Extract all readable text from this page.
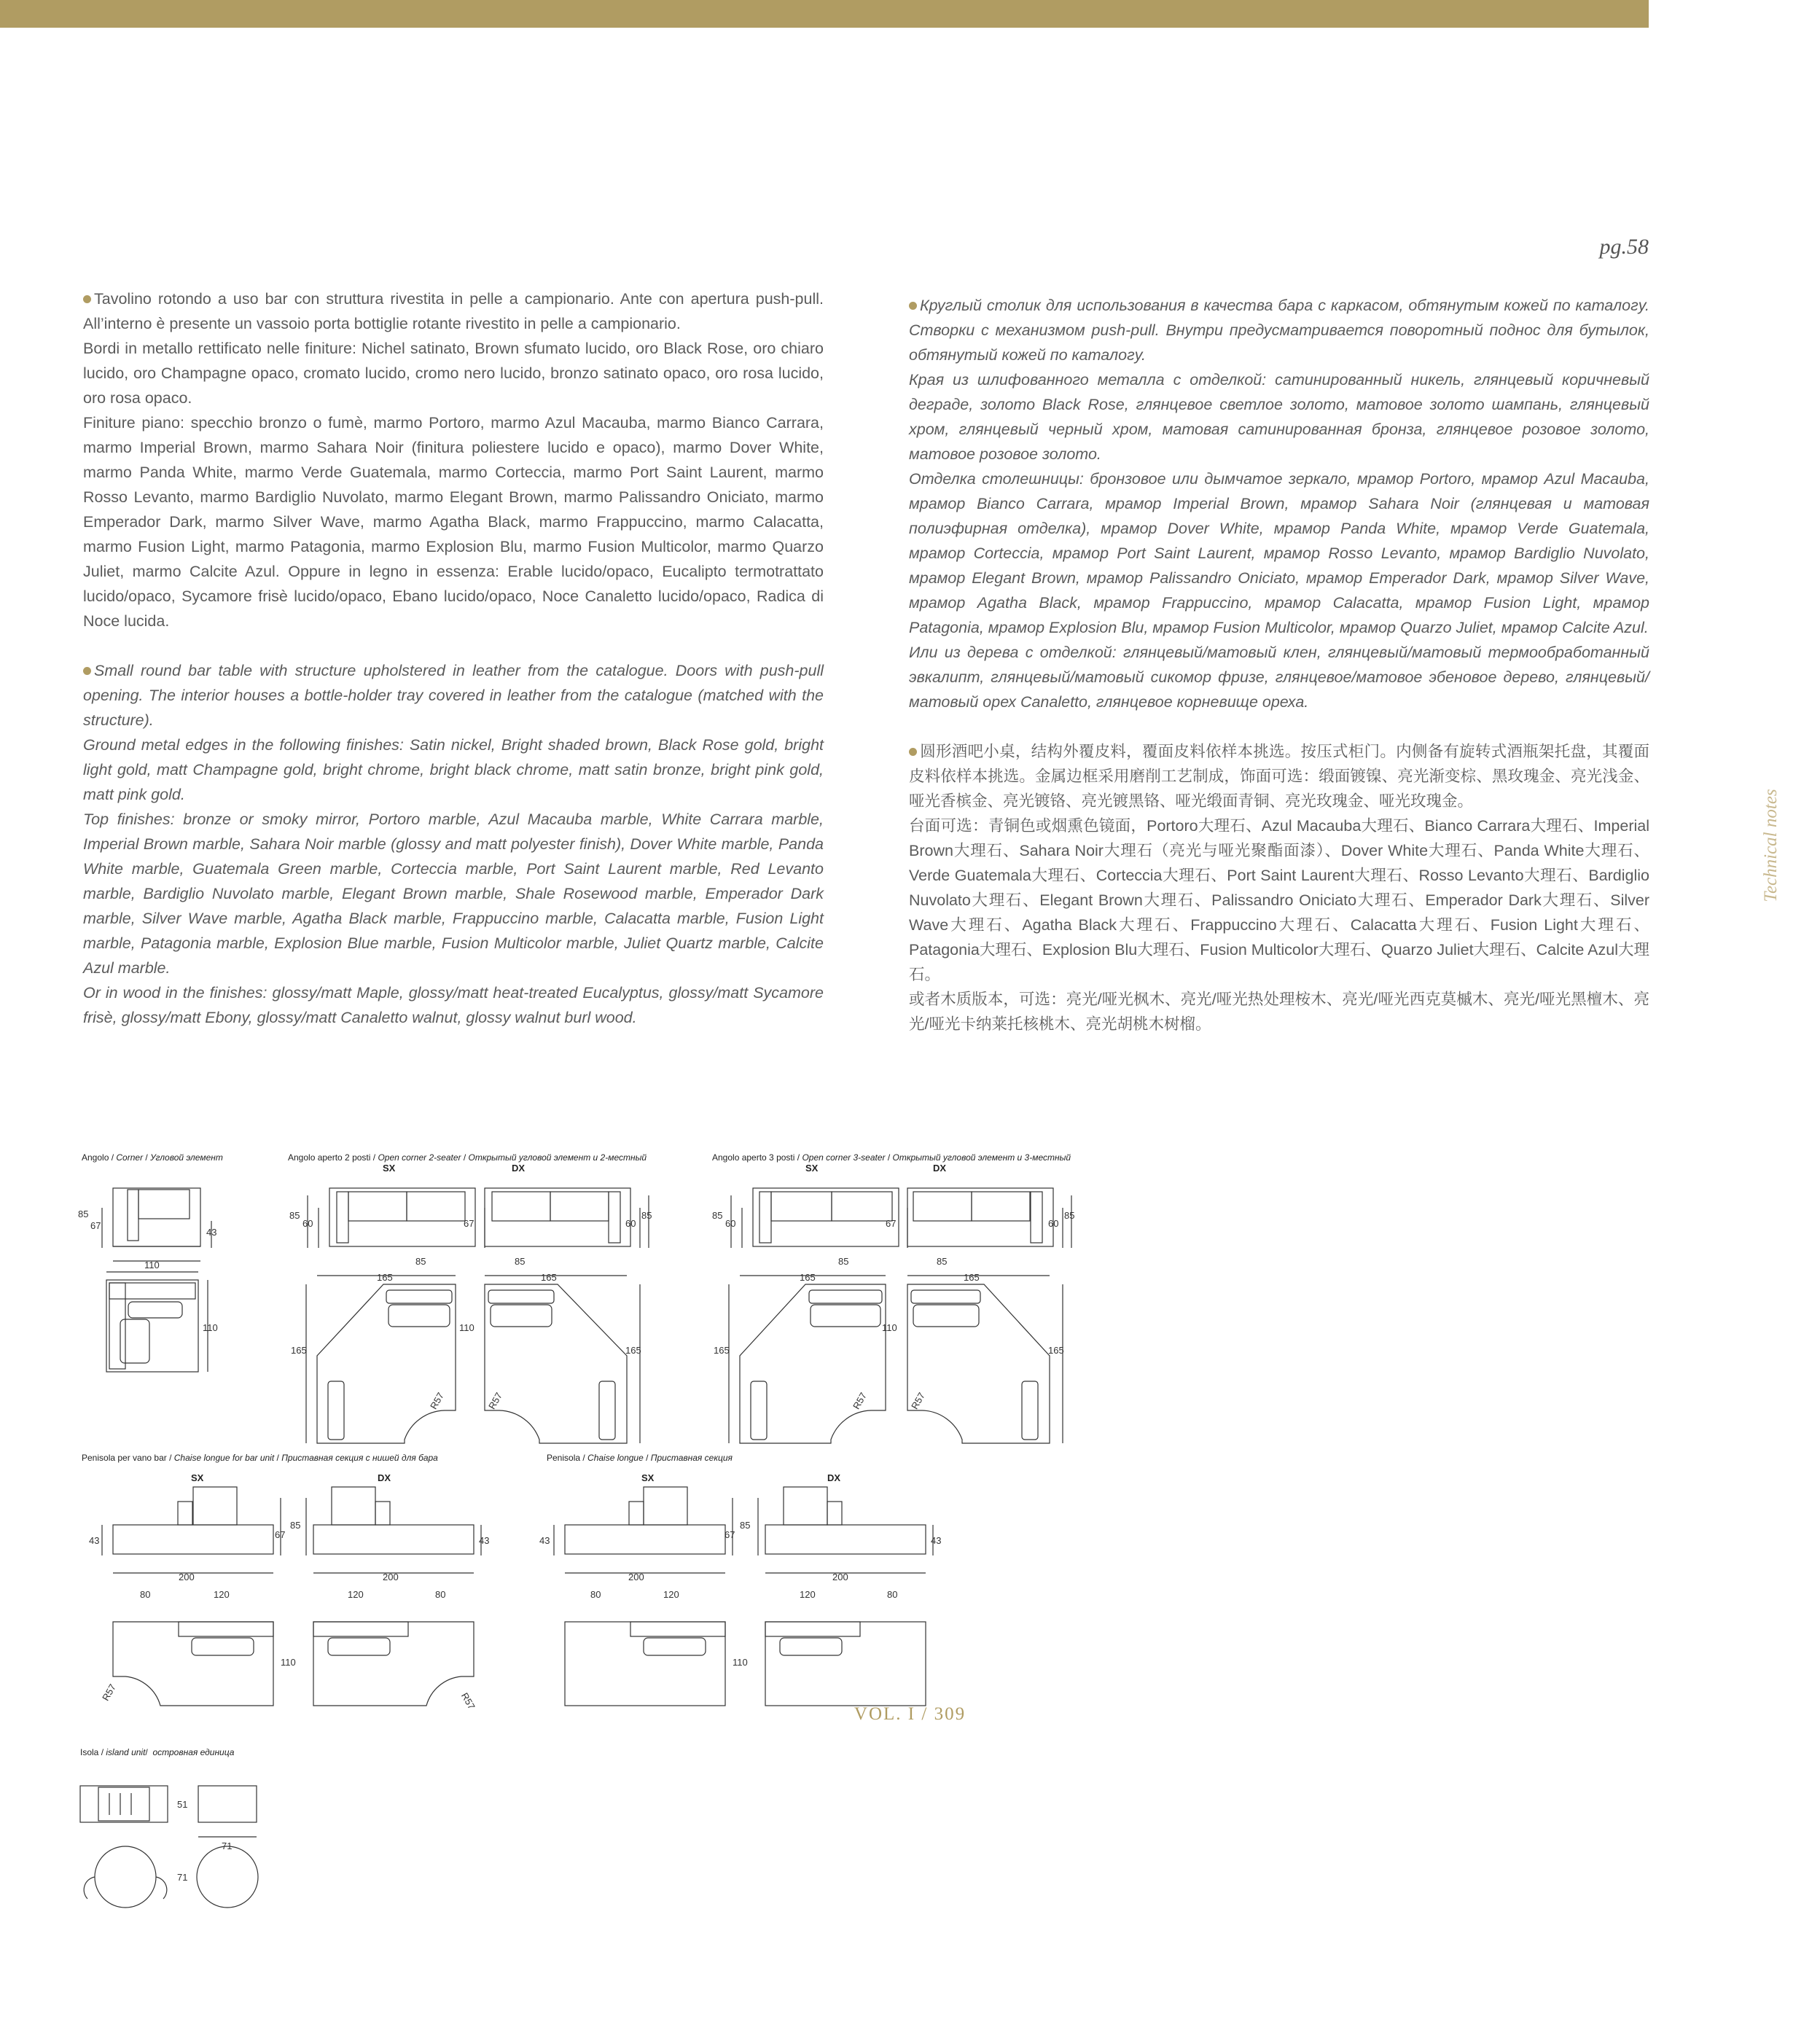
pg.58

Tavolino rotondo a uso bar con struttura rivestita in pelle a campionario. Ante con apertura push-pull. All’interno è presente un vassoio porta bottiglie rotante rivestito in pelle a campionario.

Bordi in metallo rettificato nelle finiture: Nichel satinato, Brown sfumato lucido, oro Black Rose, oro chiaro lucido, oro Champagne opaco, cromato lucido, cromo nero lucido, bronzo satinato opaco, oro rosa lucido, oro rosa opaco.

Finiture piano: specchio bronzo o fumè, marmo Portoro, marmo Azul Macauba, marmo Bianco Carrara, marmo Imperial Brown, marmo Sahara Noir (finitura poliestere lucido e opaco), marmo Dover White, marmo Panda White, marmo Verde Guatemala, marmo Corteccia, marmo Port Saint Laurent, marmo Rosso Levanto, marmo Bardiglio Nuvolato, marmo Elegant Brown, marmo Palissandro Oniciato, marmo Emperador Dark, marmo Silver Wave, marmo Agatha Black, marmo Frappuccino, marmo Calacatta, marmo Fusion Light, marmo Patagonia, marmo Explosion Blu, marmo Fusion Multicolor, marmo Quarzo Juliet, marmo Calcite Azul. Oppure in legno in essenza: Erable lucido/opaco, Eucalipto termotrattato lucido/opaco, Sycamore frisè lucido/opaco, Ebano lucido/opaco, Noce Canaletto lucido/opaco, Radica di Noce lucida.

Small round bar table with structure upholstered in leather from the catalogue. Doors with push-pull opening. The interior houses a bottle-holder tray covered in leather from the catalogue (matched with the structure).

Ground metal edges in the following finishes: Satin nickel, Bright shaded brown, Black Rose gold, bright light gold, matt Champagne gold, bright chrome, bright black chrome, matt satin bronze, bright pink gold, matt pink gold.

Top finishes: bronze or smoky mirror, Portoro marble, Azul Macauba marble, White Carrara marble, Imperial Brown marble, Sahara Noir marble (glossy and matt polyester finish), Dover White marble, Panda White marble, Guatemala Green marble, Corteccia marble, Port Saint Laurent marble, Red Levanto marble, Bardiglio Nuvolato marble, Elegant Brown marble, Shale Rosewood marble, Emperador Dark marble, Silver Wave marble, Agatha Black marble, Frappuccino marble, Calacatta marble, Fusion Light marble, Patagonia marble, Explosion Blue marble, Fusion Multicolor marble, Juliet Quartz marble, Calcite Azul marble.

Or in wood in the finishes: glossy/matt Maple, glossy/matt heat-treated Eucalyptus, glossy/matt Sycamore frisè, glossy/matt Ebony, glossy/matt Canaletto walnut, glossy walnut burl wood.

Круглый столик для использования в качества бара с каркасом, обтянутым кожей по каталогу. Створки с механизмом push-pull. Внутри предусматривается поворотный поднос для бутылок, обтянутый кожей по каталогу.

Края из шлифованного металла с отделкой: сатинированный никель, глянцевый коричневый деграде, золото Black Rose, глянцевое светлое золото, матовое золото шампань, глянцевый хром, глянцевый черный хром, матовая сатинированная бронза, глянцевое розовое золото, матовое розовое золото.

Отделка столешницы: бронзовое или дымчатое зеркало, мрамор Portoro, мрамор Azul Macauba, мрамор Bianco Carrara, мрамор Imperial Brown, мрамор Sahara Noir (глянцевая и матовая полиэфирная отделка), мрамор Dover White, мрамор Panda White, мрамор Verde Guatemala, мрамор Corteccia, мрамор Port Saint Laurent, мрамор Rosso Levanto, мрамор Bardiglio Nuvolato, мрамор Elegant Brown, мрамор Palissandro Oniciato, мрамор Emperador Dark, мрамор Silver Wave, мрамор Agatha Black, мрамор Frappuccino, мрамор Calacatta, мрамор Fusion Light, мрамор Patagonia, мрамор Explosion Blu, мрамор Fusion Multicolor, мрамор Quarzo Juliet, мрамор Calcite Azul.

Или из дерева с отделкой: глянцевый/матовый клен, глянцевый/матовый термообработанный эвкалипт, глянцевый/матовый сикомор фризе, глянцевое/матовое эбеновое дерево, глянцевый/матовый орех Canaletto, глянцевое корневище ореха.

圆形酒吧小桌，结构外覆皮料，覆面皮料依样本挑选。按压式柜门。内侧备有旋转式酒瓶架托盘，其覆面皮料依样本挑选。金属边框采用磨削工艺制成，饰面可选：缎面镀镍、亮光渐变棕、黑玫瑰金、亮光浅金、哑光香槟金、亮光镀铬、亮光镀黑铬、哑光缎面青铜、亮光玫瑰金、哑光玫瑰金。

台面可选：青铜色或烟熏色镜面，Portoro大理石、Azul Macauba大理石、Bianco Carrara大理石、Imperial Brown大理石、Sahara Noir大理石（亮光与哑光聚酯面漆）、Dover White大理石、Panda White大理石、Verde Guatemala大理石、Corteccia大理石、Port Saint Laurent大理石、Rosso Levanto大理石、Bardiglio Nuvolato大理石、Elegant Brown大理石、Palissandro Oniciato大理石、Emperador Dark大理石、Silver Wave大理石、Agatha Black大理石、Frappuccino大理石、Calacatta大理石、Fusion Light大理石、Patagonia大理石、Explosion Blu大理石、Fusion Multicolor大理石、Quarzo Juliet大理石、Calcite Azul大理石。

或者木质版本，可选：亮光/哑光枫木、亮光/哑光热处理桉木、亮光/哑光西克莫槭木、亮光/哑光黑檀木、亮光/哑光卡纳莱托核桃木、亮光胡桃木树榴。

Technical notes
Angolo / Corner / Угловой элемент	Angolo aperto 2 posti / Open corner 2-seater / Открытый угловой элемент и 2-местный	Angolo aperto 3 posti / Open corner 3-seater / Открытый угловой элемент и 3-местный
Penisola per vano bar / Chaise longue for bar unit / Приставная секция с нишей для бара	Penisola / Chaise longue / Приставная секция
Isola / island unit/  островная единица
SX	DX	SX	DX
SX	DX	SX	DX
85
67
43
110
110
85
60	67	60
85
85	85
165	165
110
165	165
R57	R57
85
60	67	60
85
85	85
165	165
110
165	165
R57	R57
43
67
85
43
200	200
80	120	120	80
110
R57	R57
43
67
85
43
200	200
80	120	120	80
110
51
71
71
VOL. I / 309
